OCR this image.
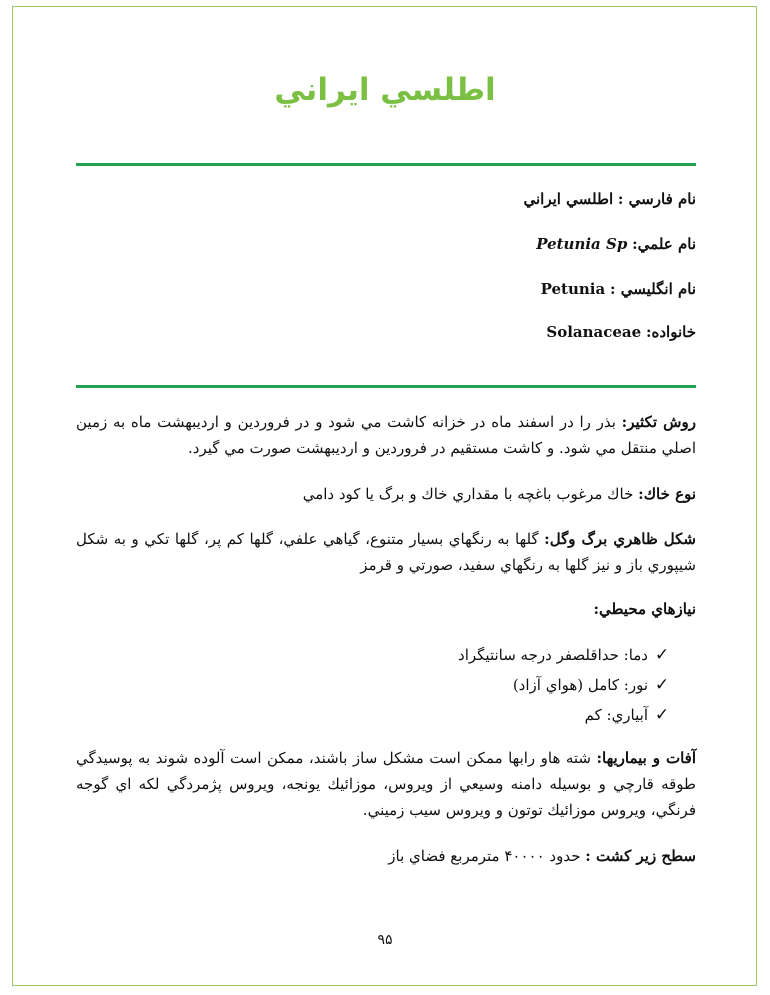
اطلسي ايراني

نام فارسي : اطلسي ايراني

نام علمي: Petunia Sp

نام انگليسي : Petunia

خانواده: Solanaceae

روش تكثير: بذر را در اسفند ماه در خزانه كاشت مي شود و در فروردين و ارديبهشت ماه به زمين اصلي منتقل مي شود. و كاشت مستقيم در فروردين و ارديبهشت صورت مي گيرد.

نوع خاك: خاك مرغوب باغچه با مقداري خاك و برگ يا كود دامي

شكل ظاهري برگ وگل: گلها به رنگهاي بسيار متنوع، گياهي علفي، گلها كم پر، گلها تكي و به شكل شيپوري باز و نيز گلها به رنگهاي سفيد، صورتي و قرمز

نيازهاي محيطي:

✓دما: حداقلصفر درجه سانتيگراد
✓نور: كامل (هواي آزاد)
✓آبياري: كم

آفات و بيماريها: شته هاو رابها ممكن است مشكل ساز باشند، ممكن است آلوده شوند به پوسيدگي طوقه قارچي و بوسيله دامنه وسيعي از ويروس، موزائيك يونجه، ويروس پژمردگي لكه اي گوجه فرنگي، ويروس موزائيك توتون و ويروس سيب زميني.

سطح زير كشت : حدود ۴۰۰۰۰ مترمربع فضاي باز

۹۵
